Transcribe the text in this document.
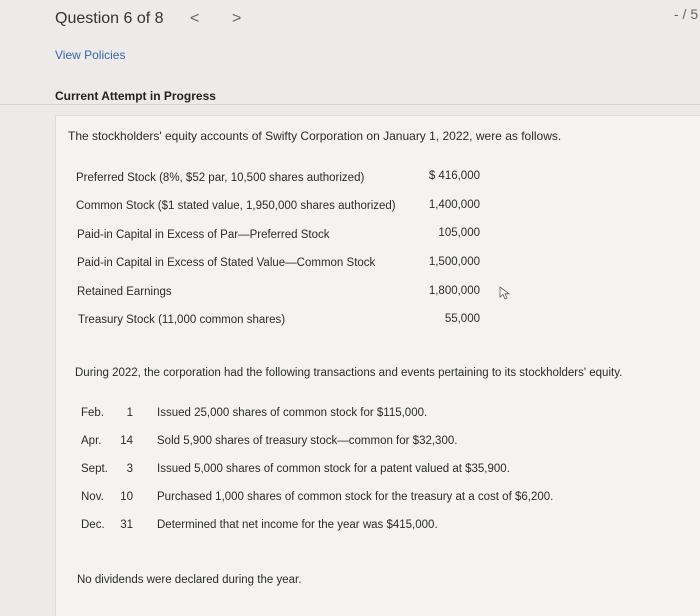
Question 6 of 8 < >	- / 5
View Policies
Current Attempt in Progress
The stockholders' equity accounts of Swifty Corporation on January 1, 2022, were as follows.
Preferred Stock (8%, $52 par, 10,500 shares authorized)	$ 416,000
Common Stock ($1 stated value, 1,950,000 shares authorized)	1,400,000
Paid-in Capital in Excess of Par—Preferred Stock	105,000
Paid-in Capital in Excess of Stated Value—Common Stock	1,500,000
Retained Earnings	1,800,000
Treasury Stock (11,000 common shares)	55,000
During 2022, the corporation had the following transactions and events pertaining to its stockholders' equity.
Feb.	1 Issued 25,000 shares of common stock for $115,000.
Apr.	14 Sold 5,900 shares of treasury stock—common for $32,300.
Sept.	3 Issued 5,000 shares of common stock for a patent valued at $35,900.
Nov.	10 Purchased 1,000 shares of common stock for the treasury at a cost of $6,200.
Dec.	31 Determined that net income for the year was $415,000.
No dividends were declared during the year.
